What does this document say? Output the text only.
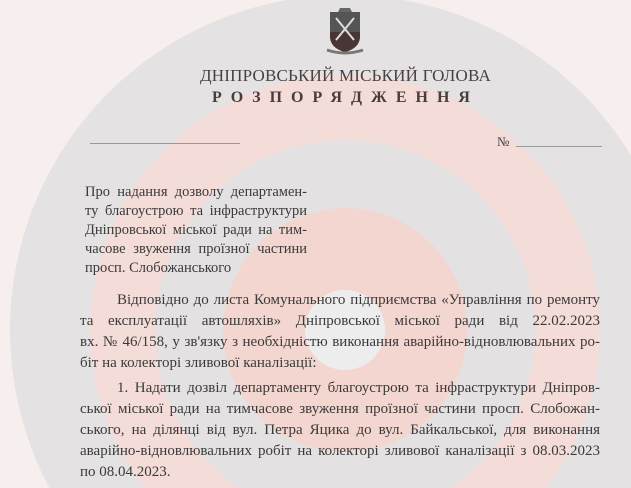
ДНІПРОВСЬКИЙ МІСЬКИЙ ГОЛОВА
РОЗПОРЯДЖЕННЯ
№
Про надання дозволу департамен-
ту благоустрою та інфраструктури
Дніпровської міської ради на тим-
часове звуження проїзної частини
просп. Слобожанського
Відповідно до листа Комунального підприємства «Управління по ремонту
та експлуатації автошляхів» Дніпровської міської ради від 22.02.2023
вх. № 46/158, у зв'язку з необхідністю виконання аварійно-відновлювальних ро-
біт на колекторі зливової каналізації:
1. Надати дозвіл департаменту благоустрою та інфраструктури Дніпров-
ської міської ради на тимчасове звуження проїзної частини просп. Слобожан-
ського, на ділянці від вул. Петра Яцика до вул. Байкальської, для виконання
аварійно-відновлювальних робіт на колекторі зливової каналізації з 08.03.2023
по 08.04.2023.
